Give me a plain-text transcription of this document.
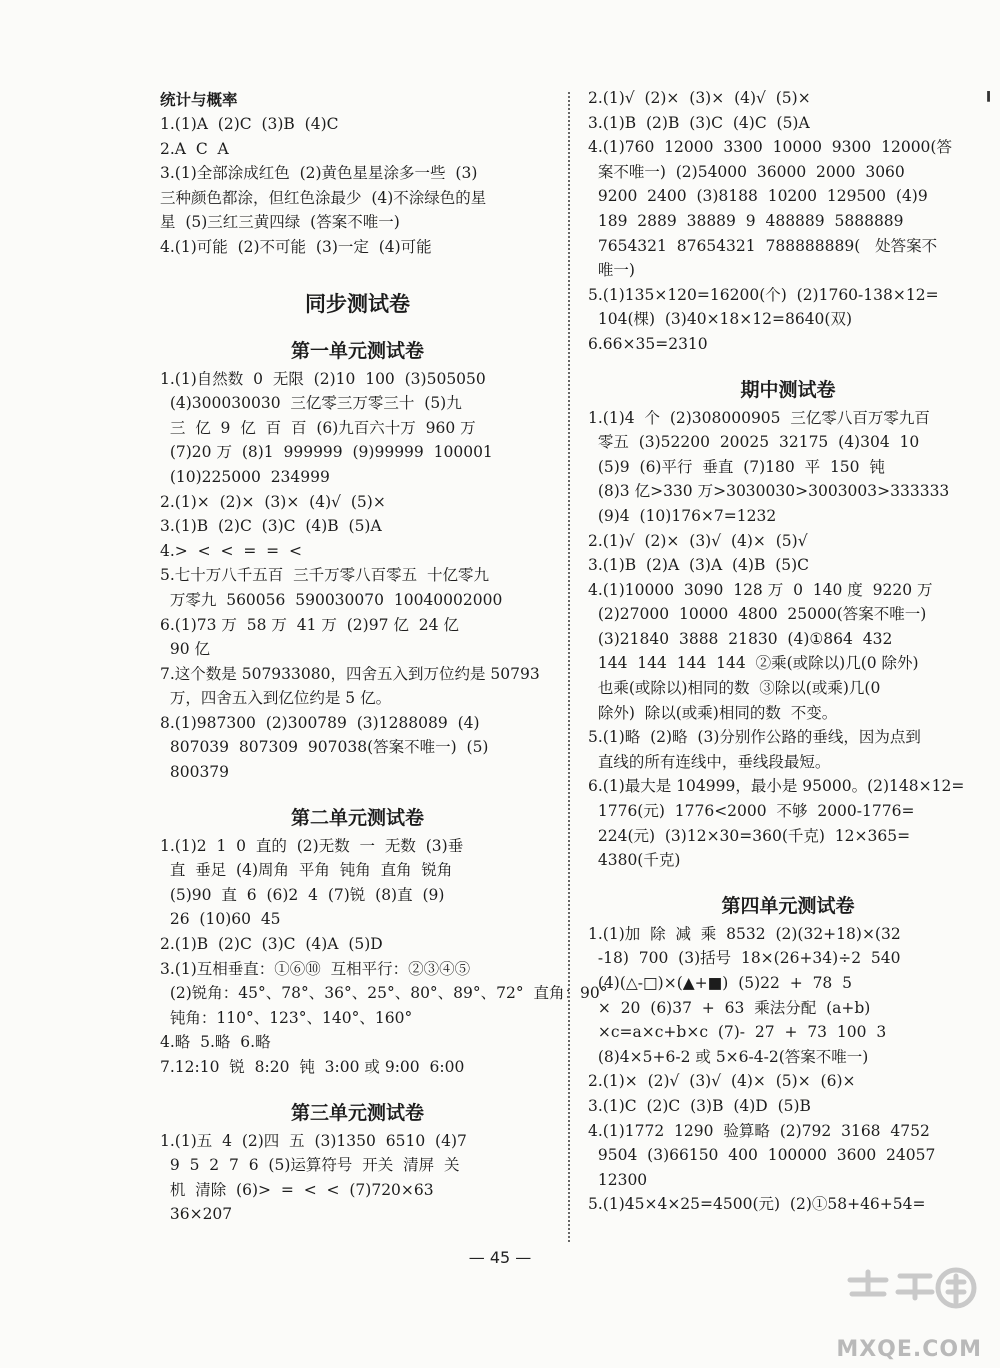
统计与概率
1.(1)A  (2)C  (3)B  (4)C
2.A  C  A
3.(1)全部涂成红色  (2)黄色星星涂多一些  (3)
三种颜色都涂，但红色涂最少  (4)不涂绿色的星
星  (5)三红三黄四绿  (答案不唯一)
4.(1)可能  (2)不可能  (3)一定  (4)可能
同步测试卷
第一单元测试卷
1.(1)自然数  0  无限  (2)10  100  (3)505050
(4)300030030  三亿零三万零三十  (5)九
三  亿  9  亿  百  百  (6)九百六十万  960 万
(7)20 万  (8)1  999999  (9)99999  100001
(10)225000  234999
2.(1)×  (2)×  (3)×  (4)√  (5)×
3.(1)B  (2)C  (3)C  (4)B  (5)A
4.>  <  <  =  =  <
5.七十万八千五百  三千万零八百零五  十亿零九
万零九  560056  590030070  10040002000
6.(1)73 万  58 万  41 万  (2)97 亿  24 亿
90 亿
7.这个数是 507933080，四舍五入到万位约是 50793
万，四舍五入到亿位约是 5 亿。
8.(1)987300  (2)300789  (3)1288089  (4)
807039  807309  907038(答案不唯一)  (5)
800379
第二单元测试卷
1.(1)2  1  0  直的  (2)无数  一  无数  (3)垂
直  垂足  (4)周角  平角  钝角  直角  锐角
(5)90  直  6  (6)2  4  (7)锐  (8)直  (9)
26  (10)60  45
2.(1)B  (2)C  (3)C  (4)A  (5)D
3.(1)互相垂直：①⑥⑩  互相平行：②③④⑤
(2)锐角：45°、78°、36°、25°、80°、89°、72°  直角：90°
钝角：110°、123°、140°、160°
4.略  5.略  6.略
7.12:10  锐  8:20  钝  3:00 或 9:00  6:00
第三单元测试卷
1.(1)五  4  (2)四  五  (3)1350  6510  (4)7
9  5  2  7  6  (5)运算符号  开关  清屏  关
机  清除  (6)>  =  <  <  (7)720×63
36×207
2.(1)√  (2)×  (3)×  (4)√  (5)×
3.(1)B  (2)B  (3)C  (4)C  (5)A
4.(1)760  12000  3300  10000  9300  12000(答
案不唯一)  (2)54000  36000  2000  3060
9200  2400  (3)8188  10200  129500  (4)9
189  2889  38889  9  488889  5888889
7654321  87654321  788888889(   处答案不
唯一)
5.(1)135×120=16200(个)  (2)1760-138×12=
104(棵)  (3)40×18×12=8640(双)
6.66×35=2310
期中测试卷
1.(1)4  个  (2)308000905  三亿零八百万零九百
零五  (3)52200  20025  32175  (4)304  10
(5)9  (6)平行  垂直  (7)180  平  150  钝
(8)3 亿>330 万>3030030>3003003>333333
(9)4  (10)176×7=1232
2.(1)√  (2)×  (3)√  (4)×  (5)√
3.(1)B  (2)A  (3)A  (4)B  (5)C
4.(1)10000  3090  128 万  0  140 度  9220 万
(2)27000  10000  4800  25000(答案不唯一)
(3)21840  3888  21830  (4)①864  432
144  144  144  144  ②乘(或除以)几(0 除外)
也乘(或除以)相同的数  ③除以(或乘)几(0
除外)  除以(或乘)相同的数  不变。
5.(1)略  (2)略  (3)分别作公路的垂线，因为点到
直线的所有连线中，垂线段最短。
6.(1)最大是 104999，最小是 95000。(2)148×12=
1776(元)  1776<2000  不够  2000-1776=
224(元)  (3)12×30=360(千克)  12×365=
4380(千克)
第四单元测试卷
1.(1)加  除  减  乘  8532  (2)(32+18)×(32
-18)  700  (3)括号  18×(26+34)÷2  540
(4)(△-□)×(▲+■)  (5)22  +  78  5
×  20  (6)37  +  63  乘法分配  (a+b)
×c=a×c+b×c  (7)-  27  +  73  100  3
(8)4×5+6-2 或 5×6-4-2(答案不唯一)
2.(1)×  (2)√  (3)√  (4)×  (5)×  (6)×
3.(1)C  (2)C  (3)B  (4)D  (5)B
4.(1)1772  1290  验算略  (2)792  3168  4752
9504  (3)66150  400  100000  3600  24057
12300
5.(1)45×4×25=4500(元)  (2)①58+46+54=
╹
— 45 —
MXQE.COM
